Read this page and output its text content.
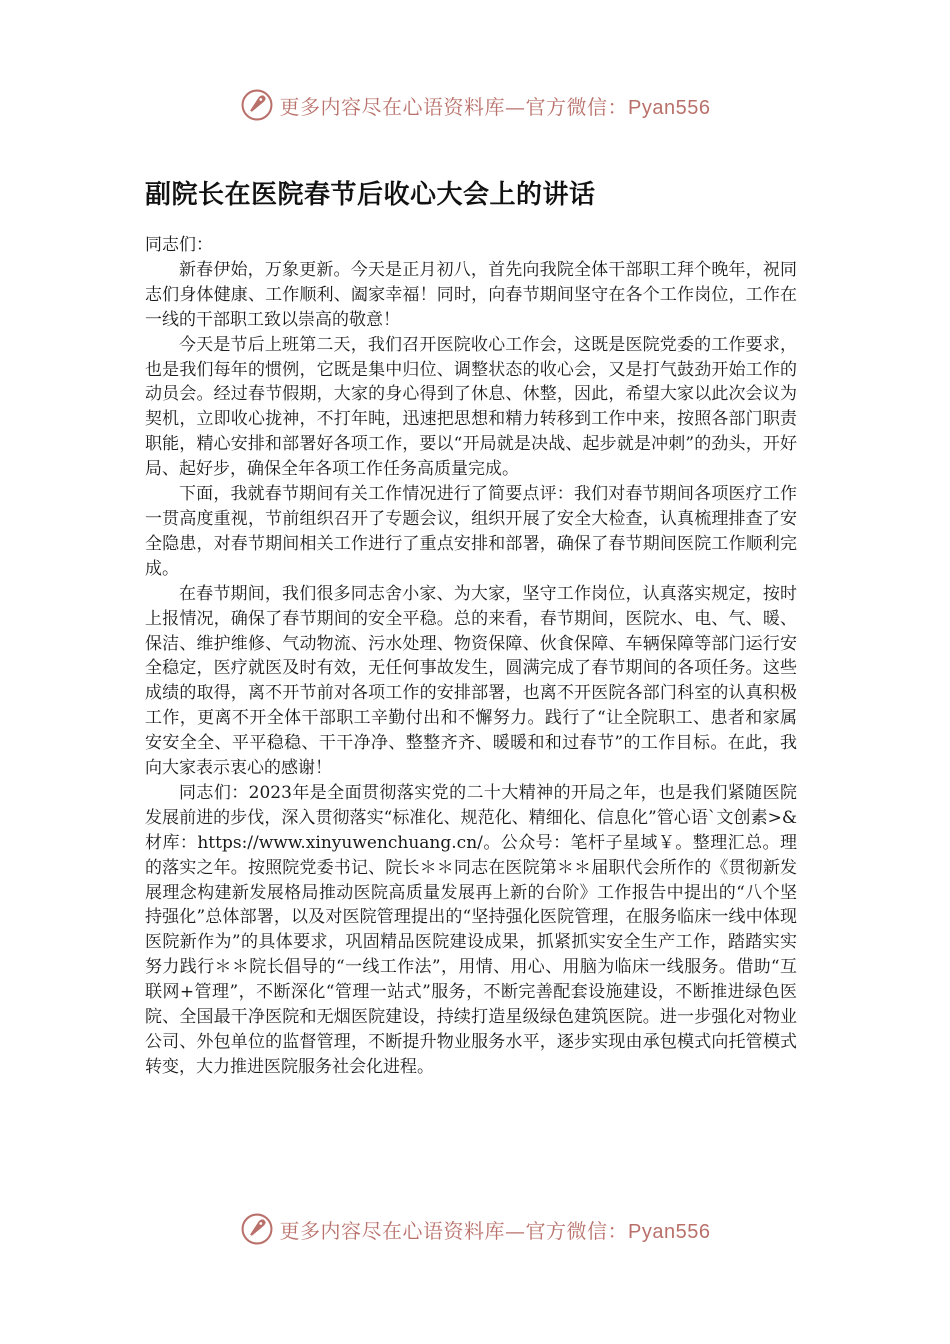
更多内容尽在心语资料库—官方微信：Pyan556
副院长在医院春节后收心大会上的讲话

同志们：

新春伊始，万象更新。今天是正月初八，首先向我院全体干部职工拜个晚年，祝同志们身体健康、工作顺利、阖家幸福！同时，向春节期间坚守在各个工作岗位，工作在一线的干部职工致以崇高的敬意！

今天是节后上班第二天，我们召开医院收心工作会，这既是医院党委的工作要求，也是我们每年的惯例，它既是集中归位、调整状态的收心会，又是打气鼓劲开始工作的动员会。经过春节假期，大家的身心得到了休息、休整，因此，希望大家以此次会议为契机，立即收心拢神，不打年盹，迅速把思想和精力转移到工作中来，按照各部门职责职能，精心安排和部署好各项工作，要以“开局就是决战、起步就是冲刺”的劲头，开好局、起好步，确保全年各项工作任务高质量完成。

下面，我就春节期间有关工作情况进行了简要点评：我们对春节期间各项医疗工作一贯高度重视，节前组织召开了专题会议，组织开展了安全大检查，认真梳理排查了安全隐患，对春节期间相关工作进行了重点安排和部署，确保了春节期间医院工作顺利完成。

在春节期间，我们很多同志舍小家、为大家，坚守工作岗位，认真落实规定，按时上报情况，确保了春节期间的安全平稳。总的来看，春节期间，医院水、电、气、暖、保洁、维护维修、气动物流、污水处理、物资保障、伙食保障、车辆保障等部门运行安全稳定，医疗就医及时有效，无任何事故发生，圆满完成了春节期间的各项任务。这些成绩的取得，离不开节前对各项工作的安排部署，也离不开医院各部门科室的认真积极工作，更离不开全体干部职工辛勤付出和不懈努力。践行了“让全院职工、患者和家属安安全全、平平稳稳、干干净净、整整齐齐、暖暖和和过春节”的工作目标。在此，我向大家表示衷心的感谢！

同志们：2023年是全面贯彻落实党的二十大精神的开局之年，也是我们紧随医院发展前进的步伐，深入贯彻落实“标准化、规范化、精细化、信息化”管心语`文创素>&材库：https://www.xinyuwenchuang.cn/。公众号：笔杆子星域￥。整理汇总。理的落实之年。按照院党委书记、院长＊＊同志在医院第＊＊届职代会所作的《贯彻新发展理念构建新发展格局推动医院高质量发展再上新的台阶》工作报告中提出的“八个坚持强化”总体部署，以及对医院管理提出的“坚持强化医院管理，在服务临床一线中体现医院新作为”的具体要求，巩固精品医院建设成果，抓紧抓实安全生产工作，踏踏实实努力践行＊＊院长倡导的“一线工作法”，用情、用心、用脑为临床一线服务。借助“互联网+管理”，不断深化“管理一站式”服务，不断完善配套设施建设，不断推进绿色医院、全国最干净医院和无烟医院建设，持续打造星级绿色建筑医院。进一步强化对物业公司、外包单位的监督管理，不断提升物业服务水平，逐步实现由承包模式向托管模式转变，大力推进医院服务社会化进程。

更多内容尽在心语资料库—官方微信：Pyan556
